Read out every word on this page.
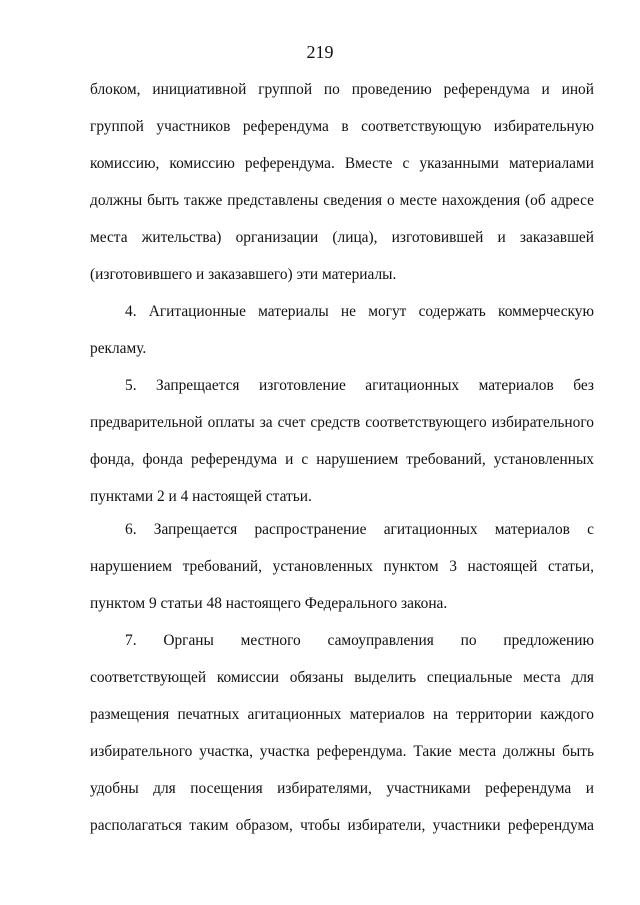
219
блоком, инициативной группой по проведению референдума и иной
группой участников референдума в соответствующую избирательную
комиссию, комиссию референдума. Вместе с указанными материалами
должны быть также представлены сведения о месте нахождения (об адресе
места жительства) организации (лица), изготовившей и заказавшей
(изготовившего и заказавшего) эти материалы.
4. Агитационные материалы не могут содержать коммерческую
рекламу.
5. Запрещается изготовление агитационных материалов без
предварительной оплаты за счет средств соответствующего избирательного
фонда, фонда референдума и с нарушением требований, установленных
пунктами 2 и 4 настоящей статьи.
6. Запрещается распространение агитационных материалов с
нарушением требований, установленных пунктом 3 настоящей статьи,
пунктом 9 статьи 48 настоящего Федерального закона.
7. Органы местного самоуправления по предложению
соответствующей комиссии обязаны выделить специальные места для
размещения печатных агитационных материалов на территории каждого
избирательного участка, участка референдума. Такие места должны быть
удобны для посещения избирателями, участниками референдума и
располагаться таким образом, чтобы избиратели, участники референдума
